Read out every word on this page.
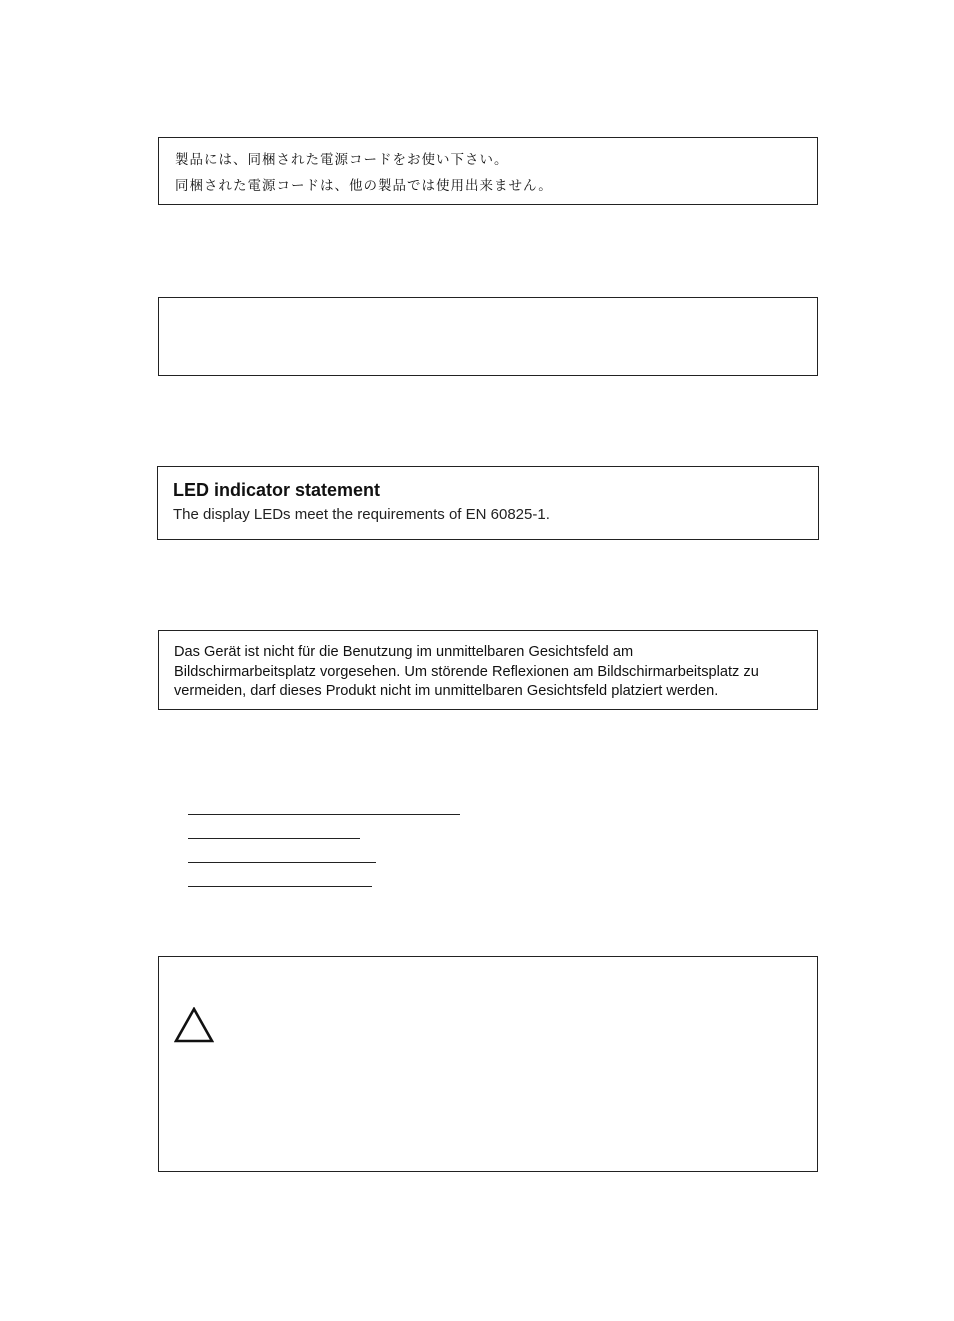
製品には、同梱された電源コードをお使い下さい。
同梱された電源コードは、他の製品では使用出来ません。
LED indicator statement
The display LEDs meet the requirements of EN 60825-1.
Das Gerät ist nicht für die Benutzung im unmittelbaren Gesichtsfeld am
Bildschirmarbeitsplatz vorgesehen. Um störende Reflexionen am Bildschirmarbeitsplatz zu
vermeiden, darf dieses Produkt nicht im unmittelbaren Gesichtsfeld platziert werden.
